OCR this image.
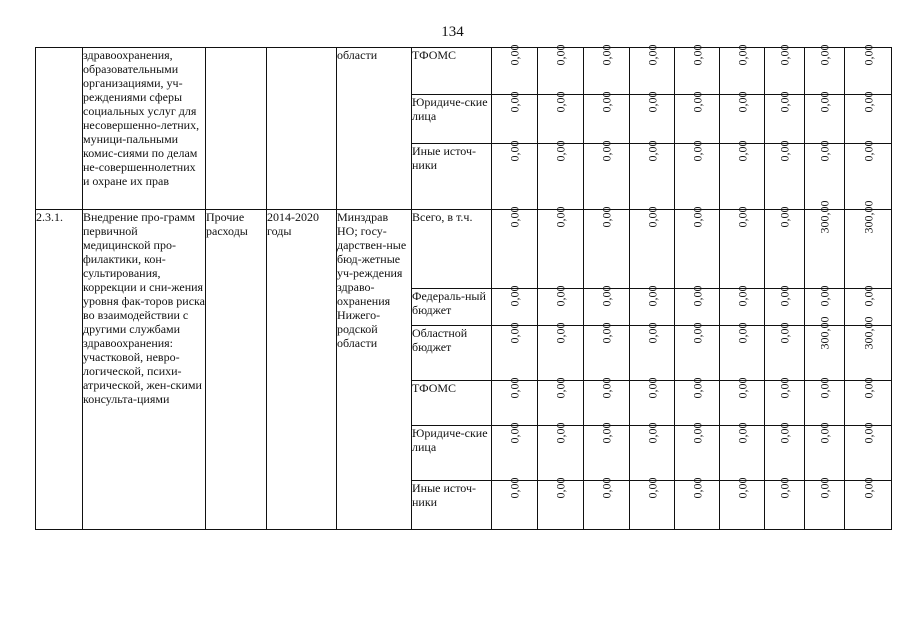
134
	здравоохранения, образовательными организациями, уч-реждениями сферы социальных услуг для несовершенно-летних, муници-пальными комис-сиями по делам не-совершеннолетних и охране их прав			области	ТФОМС	0,00	0,00	0,00	0,00	0,00	0,00	0,00	0,00	0,00
					Юридиче-ские лица	0,00	0,00	0,00	0,00	0,00	0,00	0,00	0,00	0,00
					Иные источ-ники	0,00	0,00	0,00	0,00	0,00	0,00	0,00	0,00	0,00
2.3.1.	Внедрение про-грамм первичной медицинской про-филактики, кон-сультирования, коррекции и сни-жения уровня фак-торов риска во взаимодействии с другими службами здравоохранения: участковой, невро-логической, психи-атрической, жен-скими консульта-циями	Прочие расходы	2014-2020 годы	Минздрав НО; госу-дарствен-ные бюд-жетные уч-реждения здраво-охранения Нижего-родской области	Всего, в т.ч.	0,00	0,00	0,00	0,00	0,00	0,00	0,00	300,00	300,00
					Федераль-ный бюджет	0,00	0,00	0,00	0,00	0,00	0,00	0,00	0,00	0,00
					Областной бюджет	0,00	0,00	0,00	0,00	0,00	0,00	0,00	300,00	300,00
					ТФОМС	0,00	0,00	0,00	0,00	0,00	0,00	0,00	0,00	0,00
					Юридиче-ские лица	0,00	0,00	0,00	0,00	0,00	0,00	0,00	0,00	0,00
					Иные источ-ники	0,00	0,00	0,00	0,00	0,00	0,00	0,00	0,00	0,00
